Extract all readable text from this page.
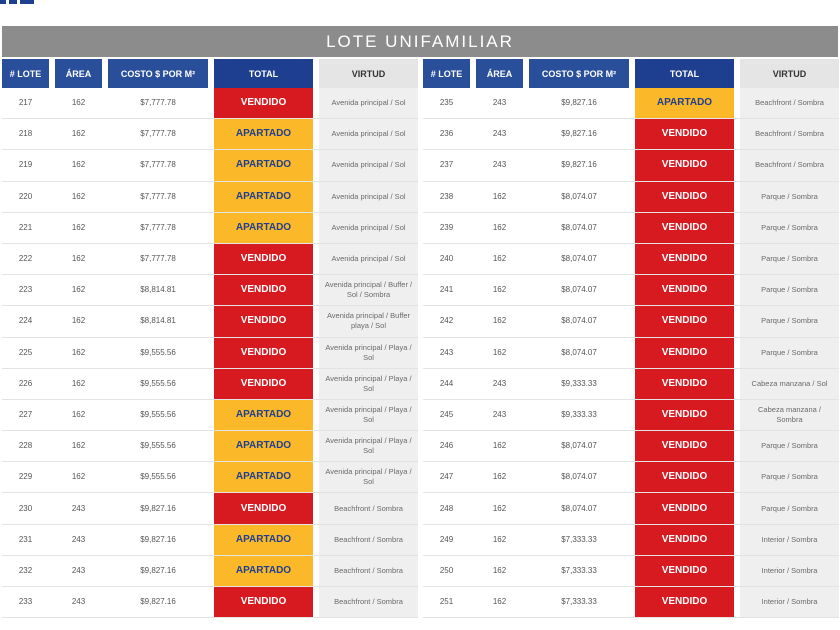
LOTE UNIFAMILIAR
# LOTE	ÁREA	COSTO $ POR M²	TOTAL	VIRTUD
217	162	$7,777.78	VENDIDO	Avenida principal / Sol
218	162	$7,777.78	APARTADO	Avenida principal / Sol
219	162	$7,777.78	APARTADO	Avenida principal / Sol
220	162	$7,777.78	APARTADO	Avenida principal / Sol
221	162	$7,777.78	APARTADO	Avenida principal / Sol
222	162	$7,777.78	VENDIDO	Avenida principal / Sol
223	162	$8,814.81	VENDIDO	Avenida principal / Buffer / Sol / Sombra
224	162	$8,814.81	VENDIDO	Avenida principal / Buffer playa / Sol
225	162	$9,555.56	VENDIDO	Avenida principal / Playa / Sol
226	162	$9,555.56	VENDIDO	Avenida principal / Playa / Sol
227	162	$9,555.56	APARTADO	Avenida principal / Playa / Sol
228	162	$9,555.56	APARTADO	Avenida principal / Playa / Sol
229	162	$9,555.56	APARTADO	Avenida principal / Playa / Sol
230	243	$9,827.16	VENDIDO	Beachfront / Sombra
231	243	$9,827.16	APARTADO	Beachfront / Sombra
232	243	$9,827.16	APARTADO	Beachfront / Sombra
233	243	$9,827.16	VENDIDO	Beachfront / Sombra
# LOTE	ÁREA	COSTO $ POR M²	TOTAL	VIRTUD
235	243	$9,827.16	APARTADO	Beachfront / Sombra
236	243	$9,827.16	VENDIDO	Beachfront / Sombra
237	243	$9,827.16	VENDIDO	Beachfront / Sombra
238	162	$8,074.07	VENDIDO	Parque / Sombra
239	162	$8,074.07	VENDIDO	Parque / Sombra
240	162	$8,074.07	VENDIDO	Parque / Sombra
241	162	$8,074.07	VENDIDO	Parque / Sombra
242	162	$8,074.07	VENDIDO	Parque / Sombra
243	162	$8,074.07	VENDIDO	Parque / Sombra
244	243	$9,333.33	VENDIDO	Cabeza manzana / Sol
245	243	$9,333.33	VENDIDO	Cabeza manzana / Sombra
246	162	$8,074.07	VENDIDO	Parque / Sombra
247	162	$8,074.07	VENDIDO	Parque / Sombra
248	162	$8,074.07	VENDIDO	Parque / Sombra
249	162	$7,333.33	VENDIDO	Interior / Sombra
250	162	$7,333.33	VENDIDO	Interior / Sombra
251	162	$7,333.33	VENDIDO	Interior / Sombra
